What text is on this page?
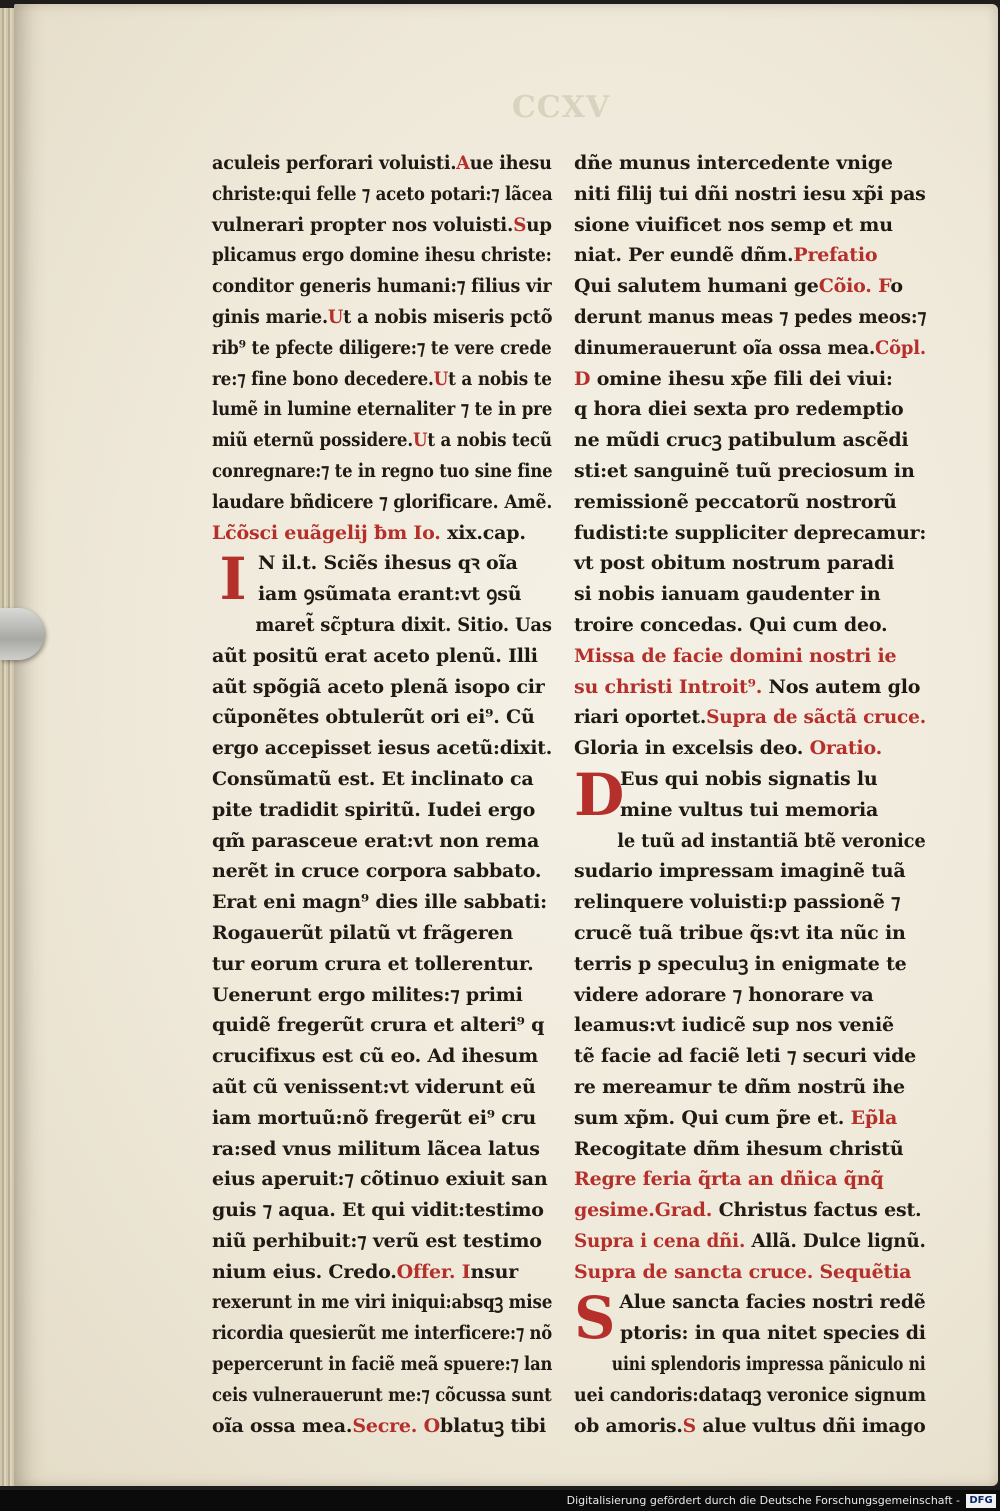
CCXV
aculeis perforari voluisti.Aue ihesu
christe:qui felle ⁊ aceto potari:⁊ lãcea
vulnerari propter nos voluisti.Sup
plicamus ergo domine ihesu christe:
conditor generis humani:⁊ filius vir
ginis marie.Ut a nobis miseris pctõ
rib⁹ te pfecte diligere:⁊ te vere crede
re:⁊ fine bono decedere.Ut a nobis te
lumẽ in lumine eternaliter ⁊ te in pre
miũ eternũ possidere.Ut a nobis tecũ
conregnare:⁊ te in regno tuo sine fine
laudare bñdicere ⁊ glorificare. Amẽ.
Lc̃õsci euãgelij ƀm Io. xix.cap.
I N il.t. Sciẽs ihesus qꝛ oĩa
iam ꝯsũmata erant:vt ꝯsũ
maret̃ sc̃ptura dixit. Sitio. Uas
aũt positũ erat aceto plenũ. Illi
aũt spõgiã aceto plenã isopo cir
cũponẽtes obtulerũt ori ei⁹. Cũ
ergo accepisset iesus acetũ:dixit.
Consũmatũ est. Et inclinato ca
pite tradidit spiritũ. Iudei ergo
qm̃ parasceue erat:vt non rema
nerẽt in cruce corpora sabbato.
Erat eni magn⁹ dies ille sabbati:
Rogauerũt pilatũ vt frãgeren
tur eorum crura et tollerentur.
Uenerunt ergo milites:⁊ primi
quidẽ fregerũt crura et alteri⁹ q
crucifixus est cũ eo. Ad ihesum
aũt cũ venissent:vt viderunt eũ
iam mortuũ:nõ fregerũt ei⁹ cru
ra:sed vnus militum lãcea latus
eius aperuit:⁊ cõtinuo exiuit san
guis ⁊ aqua. Et qui vidit:testimo
niũ perhibuit:⁊ verũ est testimo
nium eius. Credo.Offer. Insur
rexerunt in me viri iniqui:absqꝫ mise
ricordia quesierũt me interficere:⁊ nõ
pepercerunt in faciẽ meã spuere:⁊ lan
ceis vulnerauerunt me:⁊ cõcussa sunt
oĩa ossa mea.Secre. Oblatuꝫ tibi
dñe munus intercedente vnige
niti filij tui dñi nostri iesu xp̃i pas
sione viuificet nos semp et mu
niat. Per eundẽ dñm.Prefatio
Qui salutem humani geCõio. Fo
derunt manus meas ⁊ pedes meos:⁊
dinumerauerunt oĩa ossa mea.Cõpl.
D omine ihesu xp̃e fili dei viui:
q hora diei sexta pro redemptio
ne mũdi crucꝫ patibulum ascẽdi
sti:et sanguinẽ tuũ preciosum in
remissionẽ peccatorũ nostrorũ
fudisti:te suppliciter deprecamur:
vt post obitum nostrum paradi
si nobis ianuam gaudenter in
troire concedas. Qui cum deo.
Missa de facie domini nostri ie
su christi Introit⁹. Nos autem glo
riari oportet.Supra de sãctã cruce.
Gloria in excelsis deo. Oratio.
D
Eus qui nobis signatis lu
mine vultus tui memoria
le tuũ ad instantiã btẽ veronice
sudario impressam imaginẽ tuã
relinquere voluisti:p passionẽ ⁊
crucẽ tuã tribue q̃s:vt ita nũc in
terris p speculuꝫ in enigmate te
videre adorare ⁊ honorare va
leamus:vt iudicẽ sup nos veniẽ
tẽ facie ad faciẽ leti ⁊ securi vide
re mereamur te dñm nostrũ ihe
sum xp̃m. Qui cum p̃re et. Ep̃la
Recogitate dñm ihesum christũ
Regre feria q̃rta an dñica q̃nq̃
gesime.Grad. Christus factus est.
Supra i cena dñi. Allã. Dulce lignũ.
Supra de sancta cruce. Sequẽtia
S Alue sancta facies nostri redẽ
ptoris: in qua nitet species di
uini splendoris impressa pãniculo ni
uei candoris:dataqꝫ veronice signum
ob amoris.S alue vultus dñi imago
Digitalisierung gefördert durch die Deutsche Forschungsgemeinschaft - DFG
